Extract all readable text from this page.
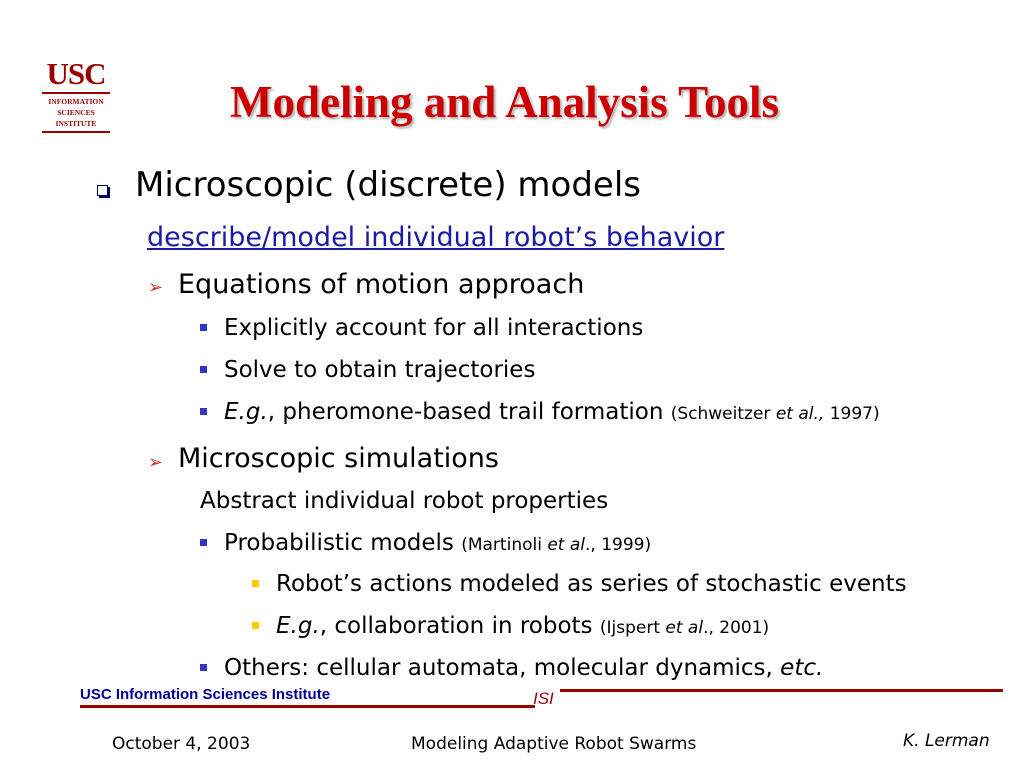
USC
INFORMATION
SCIENCES
INSTITUTE	Modeling and Analysis Tools
Microscopic (discrete) models
describe/model individual robot’s behavior
➢ Equations of motion approach
Explicitly account for all interactions
Solve to obtain trajectories
E.g., pheromone-based trail formation (Schweitzer et al., 1997)
➢ Microscopic simulations
Abstract individual robot properties
Probabilistic models (Martinoli et al., 1999)
Robot’s actions modeled as series of stochastic events
E.g., collaboration in robots (Ijspert et al., 2001)
Others: cellular automata, molecular dynamics, etc.
USC Information Sciences Institute	ISI
October 4, 2003	Modeling Adaptive Robot Swarms	K. Lerman
